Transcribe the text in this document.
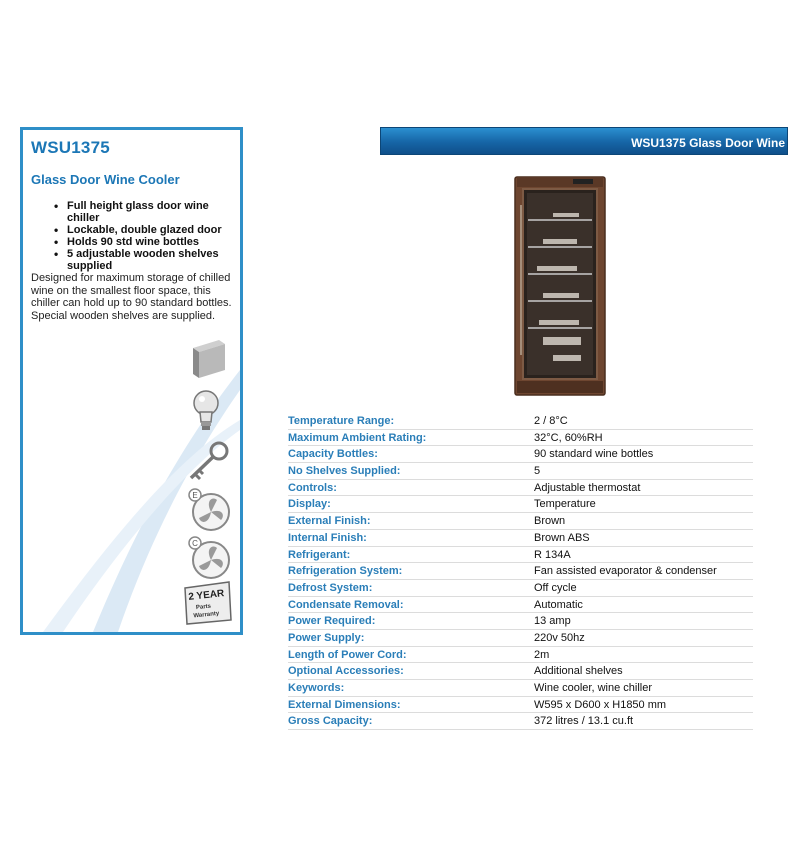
WSU1375
Glass Door Wine Cooler
• Full height glass door wine chiller
• Lockable, double glazed door
• Holds 90 std wine bottles
• 5 adjustable wooden shelves supplied
Designed for maximum storage of chilled wine on the smallest floor space, this chiller can hold up to 90 standard bottles. Special wooden shelves are supplied.
E
C
2 YEAR
Parts
Warranty
WSU1375 Glass Door Wine
Temperature Range:	2 / 8°C
Maximum Ambient Rating:	32°C, 60%RH
Capacity Bottles:	90 standard wine bottles
No Shelves Supplied:	5
Controls:	Adjustable thermostat
Display:	Temperature
External Finish:	Brown
Internal Finish:	Brown ABS
Refrigerant:	R 134A
Refrigeration System:	Fan assisted evaporator & condenser
Defrost System:	Off cycle
Condensate Removal:	Automatic
Power Required:	13 amp
Power Supply:	220v 50hz
Length of Power Cord:	2m
Optional Accessories:	Additional shelves
Keywords:	Wine cooler, wine chiller
External Dimensions:	W595 x D600 x H1850 mm
Gross Capacity:	372 litres / 13.1 cu.ft
